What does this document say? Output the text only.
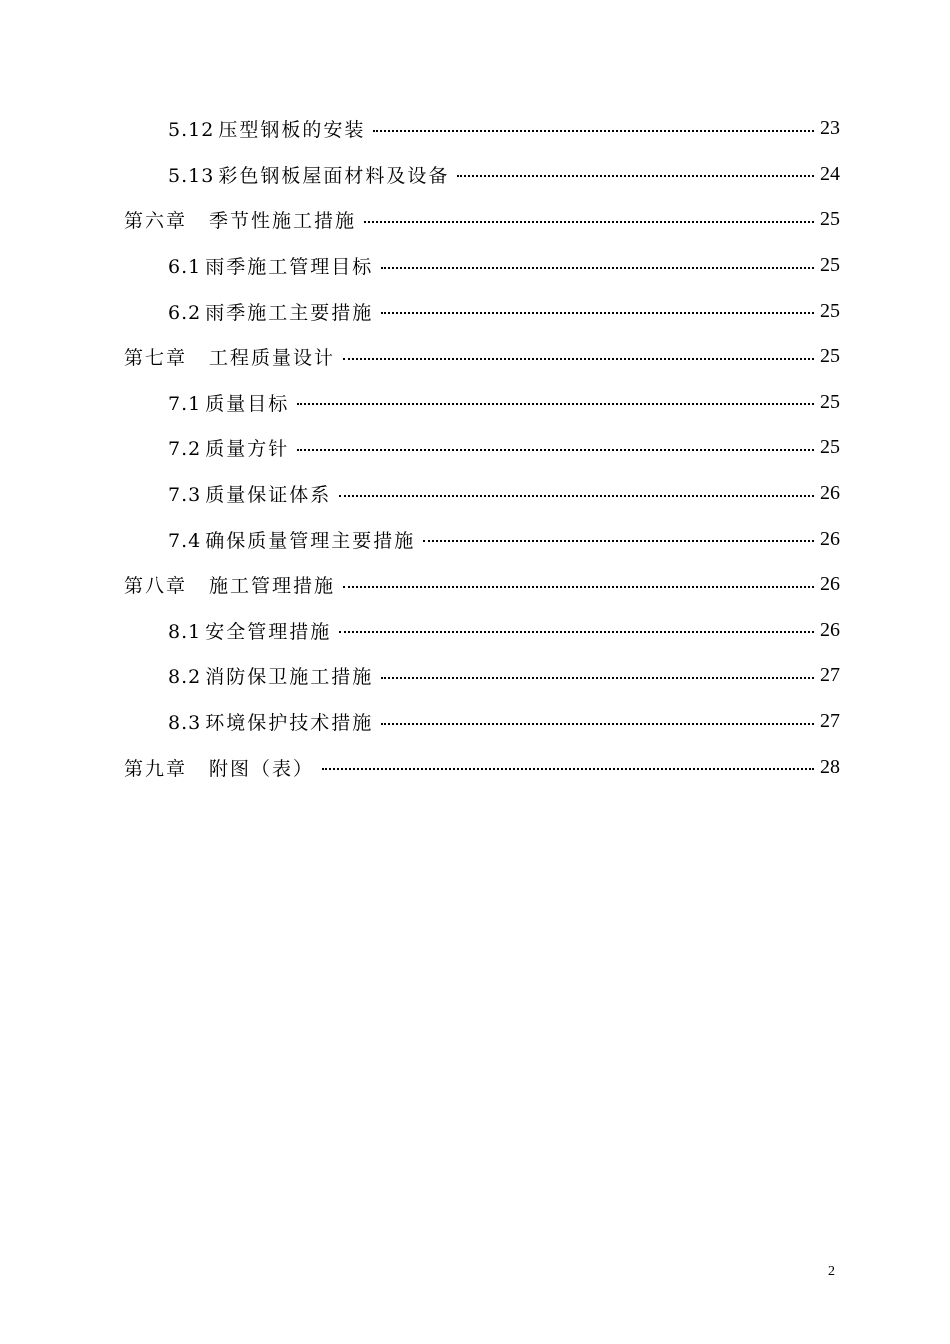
5.12 压型钢板的安装	23
5.13 彩色钢板屋面材料及设备	24
第六章 季节性施工措施	25
6.1 雨季施工管理目标	25
6.2 雨季施工主要措施	25
第七章 工程质量设计	25
7.1 质量目标	25
7.2 质量方针	25
7.3 质量保证体系	26
7.4 确保质量管理主要措施	26
第八章 施工管理措施	26
8.1 安全管理措施	26
8.2 消防保卫施工措施	27
8.3 环境保护技术措施	27
第九章 附图（表）	28
2
